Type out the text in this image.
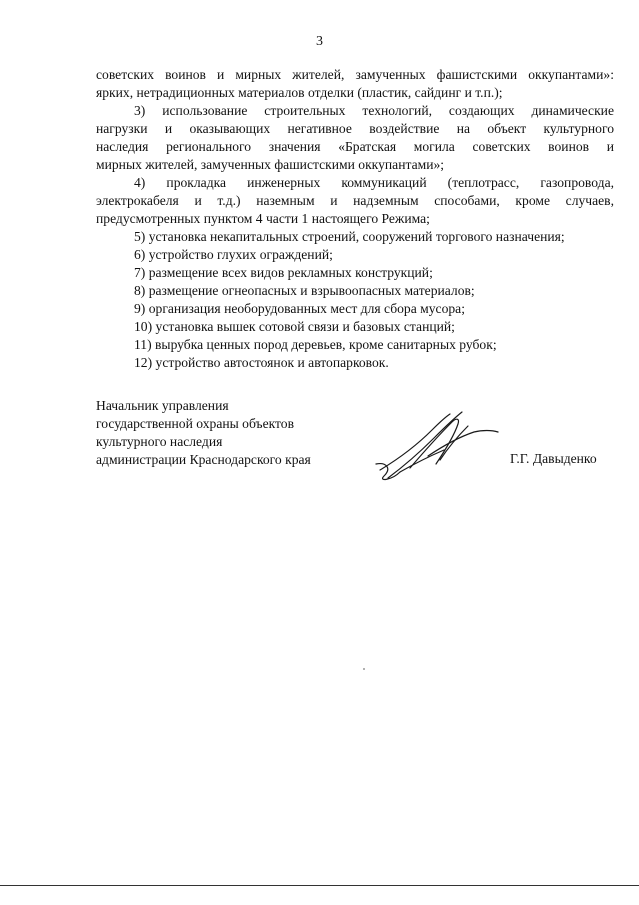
3
советских воинов и мирных жителей, замученных фашистскими оккупантами»:
ярких, нетрадиционных материалов отделки (пластик, сайдинг и т.п.);
3) использование строительных технологий, создающих динамические
нагрузки и оказывающих негативное воздействие на объект культурного
наследия регионального значения «Братская могила советских воинов и
мирных жителей, замученных фашистскими оккупантами»;
4) прокладка инженерных коммуникаций (теплотрасс, газопровода,
электрокабеля и т.д.) наземным и надземным способами, кроме случаев,
предусмотренных пунктом 4 части 1 настоящего Режима;
5) установка некапитальных строений, сооружений торгового назначения;
6) устройство глухих ограждений;
7) размещение всех видов рекламных конструкций;
8) размещение огнеопасных и взрывоопасных материалов;
9) организация необорудованных мест для сбора мусора;
10) установка вышек сотовой связи и базовых станций;
11) вырубка ценных пород деревьев, кроме санитарных рубок;
12) устройство автостоянок и автопарковок.
Начальник управления
государственной охраны объектов
культурного наследия
администрации Краснодарского края	Г.Г. Давыденко
